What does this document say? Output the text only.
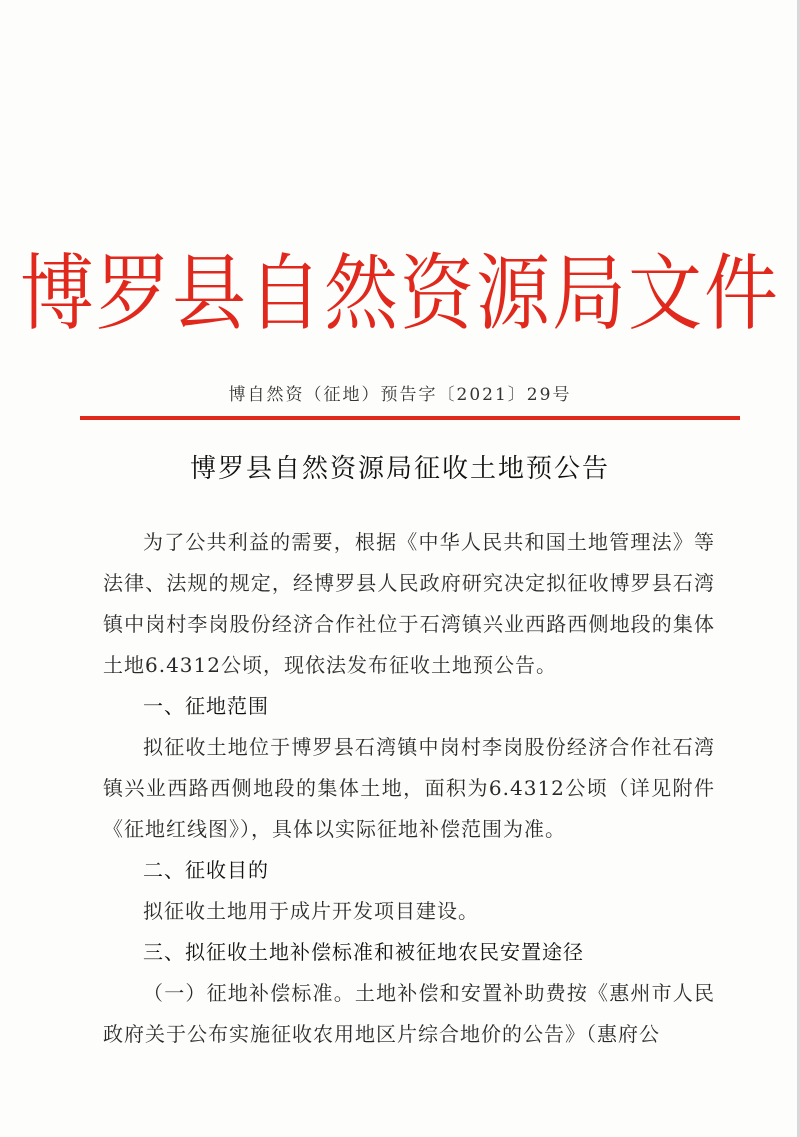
博罗县自然资源局文件
博自然资（征地）预告字〔2021〕29号
博罗县自然资源局征收土地预公告

为了公共利益的需要，根据《中华人民共和国土地管理法》等法律、法规的规定，经博罗县人民政府研究决定拟征收博罗县石湾镇中岗村李岗股份经济合作社位于石湾镇兴业西路西侧地段的集体土地6.4312公顷，现依法发布征收土地预公告。

一、征地范围

拟征收土地位于博罗县石湾镇中岗村李岗股份经济合作社石湾镇兴业西路西侧地段的集体土地，面积为6.4312公顷（详见附件《征地红线图》），具体以实际征地补偿范围为准。

二、征收目的

拟征收土地用于成片开发项目建设。

三、拟征收土地补偿标准和被征地农民安置途径

（一）征地补偿标准。土地补偿和安置补助费按《惠州市人民政府关于公布实施征收农用地区片综合地价的公告》（惠府公
